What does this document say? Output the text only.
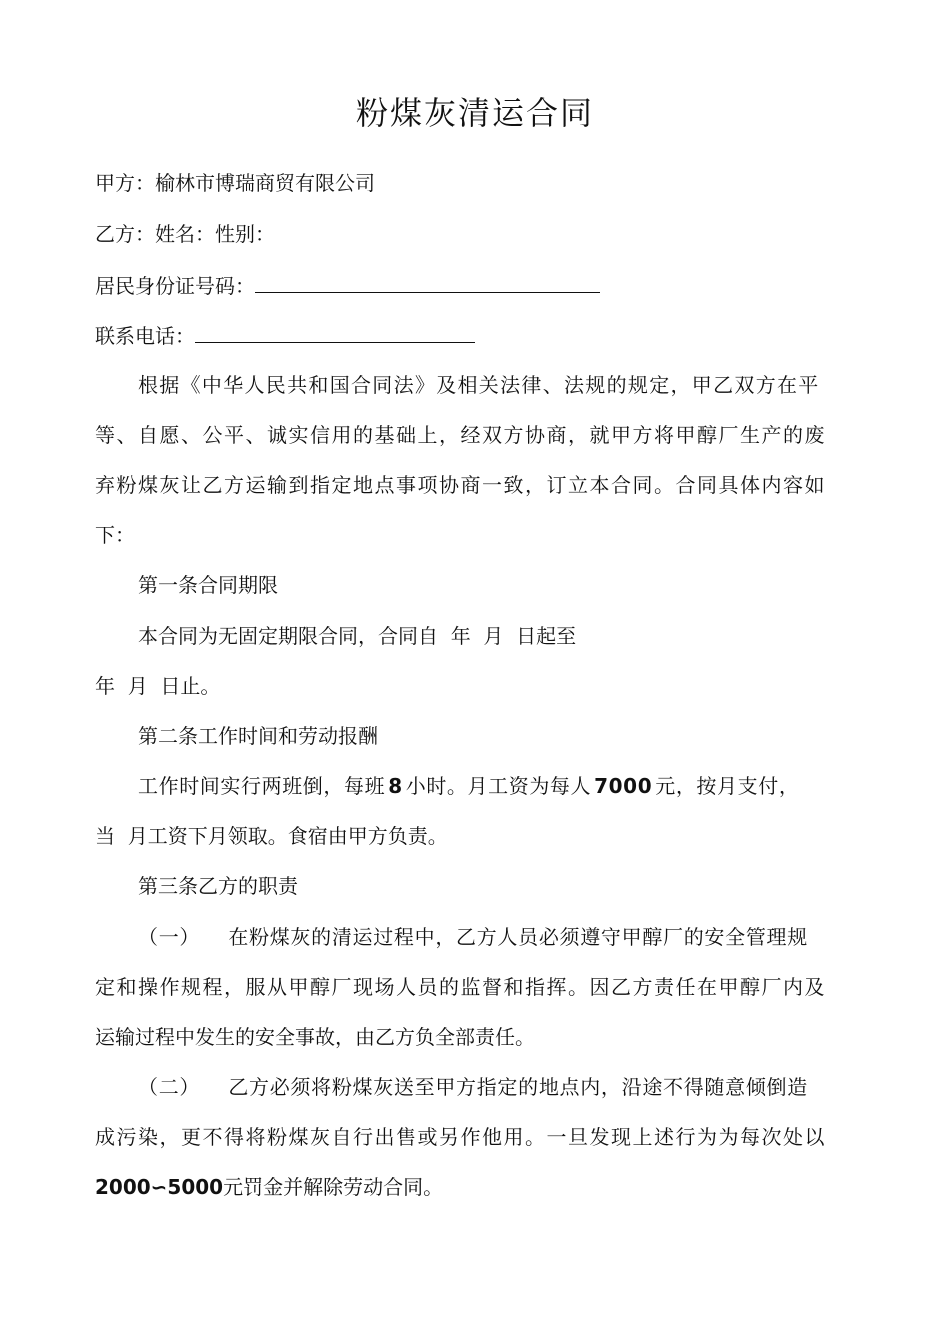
粉煤灰清运合同
甲方：榆林市博瑞商贸有限公司
乙方：姓名：性别：
居民身份证号码：
联系电话：
根据《中华人民共和国合同法》及相关法律、法规的规定，甲乙双方在平
等、自愿、公平、诚实信用的基础上，经双方协商，就甲方将甲醇厂生产的废
弃粉煤灰让乙方运输到指定地点事项协商一致，订立本合同。合同具体内容如
下：
第一条合同期限
本合同为无固定期限合同，合同自  年  月  日起至
年  月  日止。
第二条工作时间和劳动报酬
工作时间实行两班倒，每班 8 小时。月工资为每人 7000 元，按月支付，
当  月工资下月领取。食宿由甲方负责。
第三条乙方的职责
（一）    在粉煤灰的清运过程中，乙方人员必须遵守甲醇厂的安全管理规
定和操作规程，服从甲醇厂现场人员的监督和指挥。因乙方责任在甲醇厂内及
运输过程中发生的安全事故，由乙方负全部责任。
（二）    乙方必须将粉煤灰送至甲方指定的地点内，沿途不得随意倾倒造
成污染，更不得将粉煤灰自行出售或另作他用。一旦发现上述行为为每次处以
2000∽5000元罚金并解除劳动合同。
